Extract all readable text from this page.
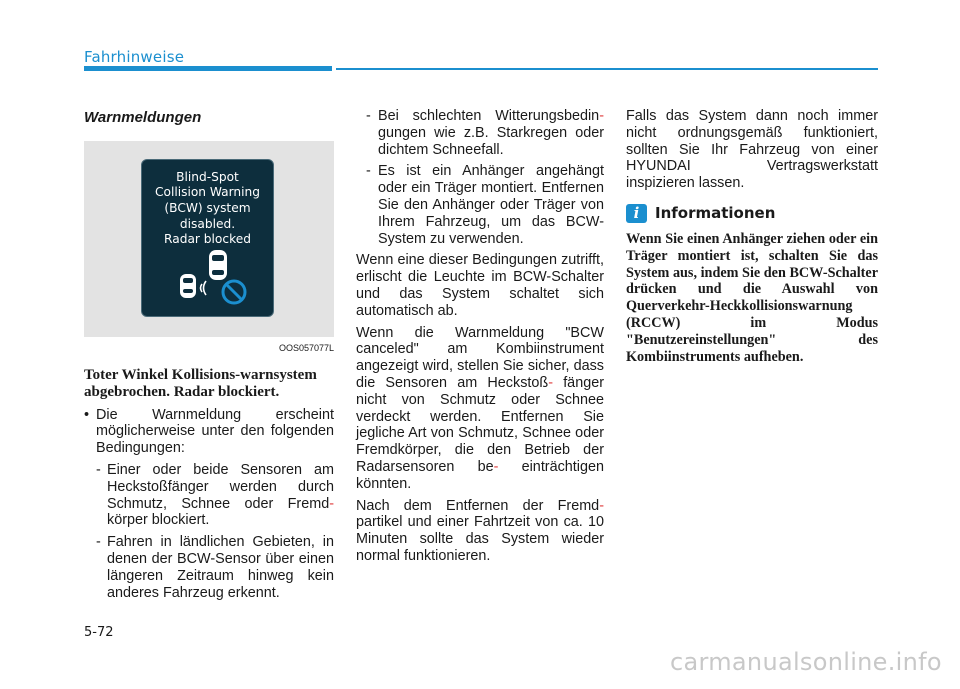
Fahrhinweise
Warnmeldungen
Blind-Spot
Collision Warning
(BCW) system
disabled.
Radar blocked
OOS057077L
Toter Winkel Kollisions-warnsystem abgebrochen. Radar blockiert.
• Die Warnmeldung erscheint möglicherweise unter den folgenden Bedingungen:
- Einer oder beide Sensoren am Heckstoßfänger werden durch Schmutz, Schnee oder Fremd- körper blockiert.
- Fahren in ländlichen Gebieten, in denen der BCW-Sensor über einen längeren Zeitraum hinweg kein anderes Fahrzeug erkennt.
- Bei schlechten Witterungsbedin- gungen wie z.B. Starkregen oder dichtem Schneefall.
- Es ist ein Anhänger angehängt oder ein Träger montiert. Entfernen Sie den Anhänger oder Träger von Ihrem Fahrzeug, um das BCW-System zu verwenden.

Wenn eine dieser Bedingungen zutrifft, erlischt die Leuchte im BCW-Schalter und das System schaltet sich automatisch ab.

Wenn die Warnmeldung "BCW canceled" am Kombiinstrument angezeigt wird, stellen Sie sicher, dass die Sensoren am Heckstoß- fänger nicht von Schmutz oder Schnee verdeckt werden. Entfernen Sie jegliche Art von Schmutz, Schnee oder Fremdkörper, die den Betrieb der Radarsensoren be- einträchtigen könnten.

Nach dem Entfernen der Fremd- partikel und einer Fahrtzeit von ca. 10 Minuten sollte das System wieder normal funktionieren.

Falls das System dann noch immer nicht ordnungsgemäß funktioniert, sollten Sie Ihr Fahrzeug von einer HYUNDAI Vertragswerkstatt inspizieren lassen.

i	Informationen
Wenn Sie einen Anhänger ziehen oder ein Träger montiert ist, schalten Sie das System aus, indem Sie den BCW-Schalter drücken und die Auswahl von Querverkehr-Heckkollisionswarnung (RCCW) im Modus "Benutzereinstellungen" des Kombiinstruments aufheben.
5-72
carmanualsonline.info
